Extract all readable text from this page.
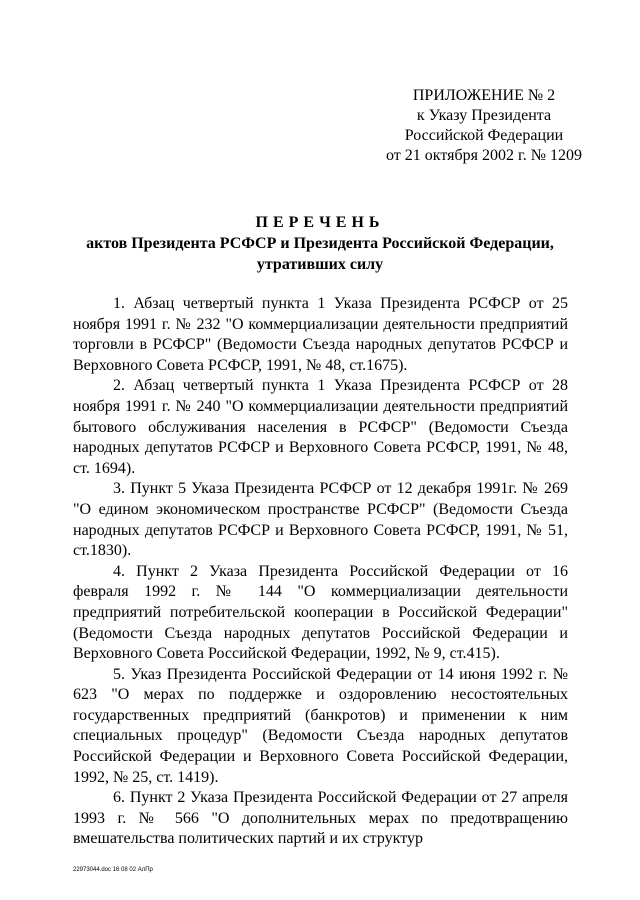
ПРИЛОЖЕНИЕ № 2
к Указу Президента
Российской Федерации
от 21 октября 2002 г. № 1209
ПЕРЕЧЕНЬ
актов Президента РСФСР и Президента Российской Федерации,
утративших силу

1. Абзац четвертый пункта 1 Указа Президента РСФСР от 25 ноября 1991 г. № 232 "О коммерциализации деятельности предприятий торговли в РСФСР" (Ведомости Съезда народных депутатов РСФСР и Верховного Совета РСФСР, 1991, № 48, ст.1675).

2. Абзац четвертый пункта 1 Указа Президента РСФСР от 28 ноября 1991 г. № 240 "О коммерциализации деятельности предприятий бытового обслуживания населения в РСФСР" (Ведомости Съезда народных депутатов РСФСР и Верховного Совета РСФСР, 1991, № 48, ст. 1694).

3. Пункт 5 Указа Президента РСФСР от 12 декабря 1991г. № 269 "О едином экономическом пространстве РСФСР" (Ведомости Съезда народных депутатов РСФСР и Верховного Совета РСФСР, 1991, № 51, ст.1830).

4. Пункт 2 Указа Президента Российской Федерации от 16 февраля 1992 г. № 144 "О коммерциализации деятельности предприятий потребительской кооперации в Российской Федерации" (Ведомости Съезда народных депутатов Российской Федерации и Верховного Совета Российской Федерации, 1992, № 9, ст.415).

5. Указ Президента Российской Федерации от 14 июня 1992 г. № 623 "О мерах по поддержке и оздоровлению несостоятельных государственных предприятий (банкротов) и применении к ним специальных процедур" (Ведомости Съезда народных депутатов Российской Федерации и Верховного Совета Российской Федерации, 1992, № 25, ст. 1419).

6. Пункт 2 Указа Президента Российской Федерации от 27 апреля 1993 г. № 566 "О дополнительных мерах по предотвращению вмешательства политических партий и их структур

22973044.doc 16 08 02 АлПр
